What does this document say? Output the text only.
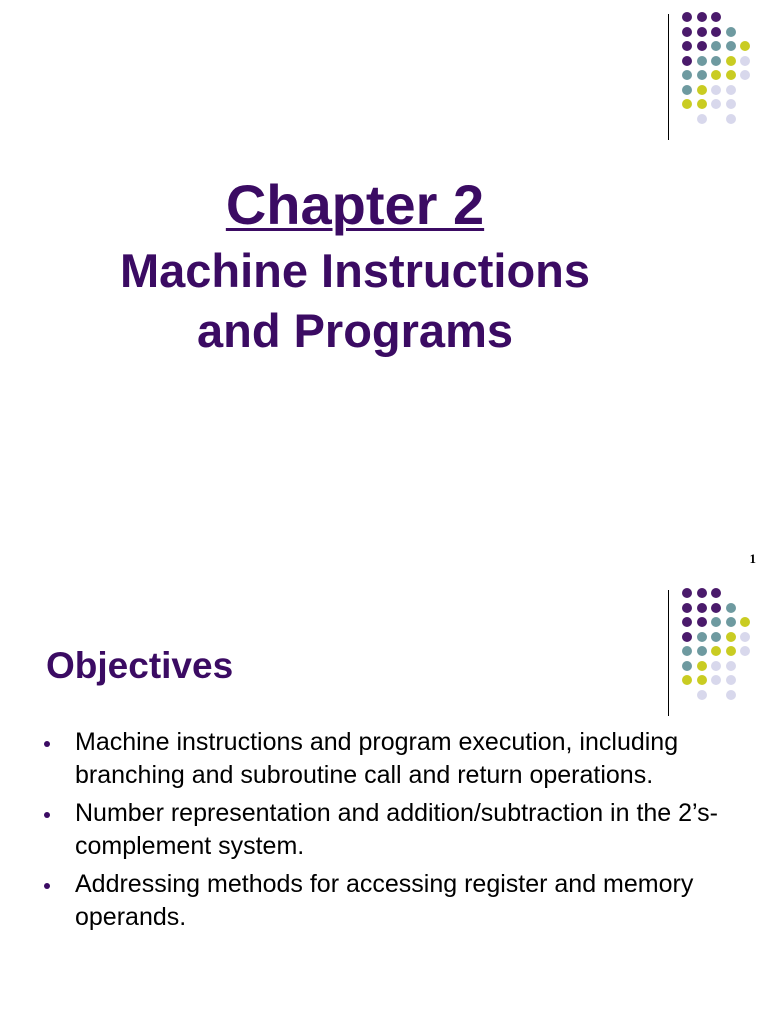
Chapter 2
Machine Instructions
and Programs
1
Objectives
Machine instructions and program execution, including branching and subroutine call and return operations.
Number representation and addition/subtraction in the 2’s-complement system.
Addressing methods for accessing register and memory operands.
